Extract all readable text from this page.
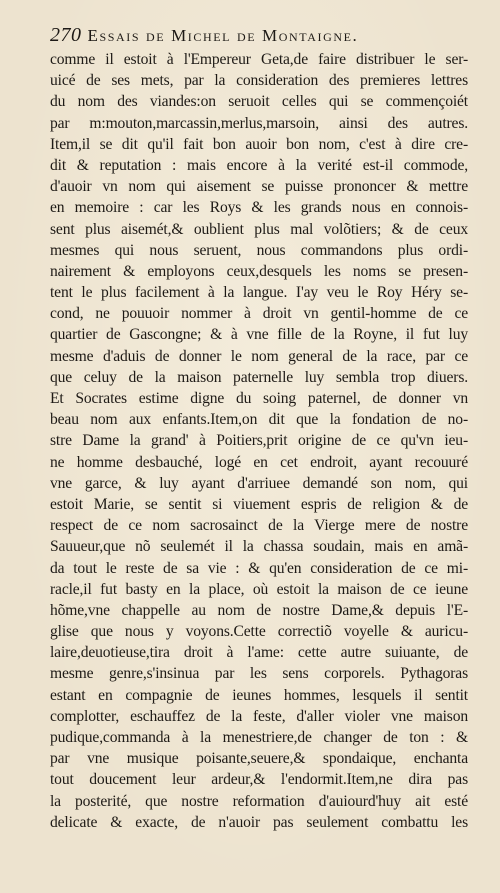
270 Essais de Michel de Montaigne.
comme il estoit à l'Empereur Geta,de faire distribuer le ser-
uicé de ses mets, par la consideration des premieres lettres
du nom des viandes:on seruoit celles qui se commençoiét
par m:mouton,marcassin,merlus,marsoin, ainsi des autres.
Item,il se dit qu'il fait bon auoir bon nom, c'est à dire cre-
dit & reputation : mais encore à la verité est-il commode,
d'auoir vn nom qui aisement se puisse prononcer & mettre
en memoire : car les Roys & les grands nous en connois-
sent plus aisemét,& oublient plus mal volõtiers; & de ceux
mesmes qui nous seruent, nous commandons plus ordi-
nairement & employons ceux,desquels les noms se presen-
tent le plus facilement à la langue. I'ay veu le Roy Héry se-
cond, ne pouuoir nommer à droit vn gentil-homme de ce
quartier de Gascongne; & à vne fille de la Royne, il fut luy
mesme d'aduis de donner le nom general de la race, par ce
que celuy de la maison paternelle luy sembla trop diuers.
Et Socrates estime digne du soing paternel, de donner vn
beau nom aux enfants.Item,on dit que la fondation de no-
stre Dame la grand' à Poitiers,prit origine de ce qu'vn ieu-
ne homme desbauché, logé en cet endroit, ayant recouuré
vne garce, & luy ayant d'arriuee demandé son nom, qui
estoit Marie, se sentit si viuement espris de religion & de
respect de ce nom sacrosainct de la Vierge mere de nostre
Sauueur,que nõ seulemét il la chassa soudain, mais en amã-
da tout le reste de sa vie : & qu'en consideration de ce mi-
racle,il fut basty en la place, où estoit la maison de ce ieune
hõme,vne chappelle au nom de nostre Dame,& depuis l'E-
glise que nous y voyons.Cette correctiõ voyelle & auricu-
laire,deuotieuse,tira droit à l'ame: cette autre suiuante, de
mesme genre,s'insinua par les sens corporels. Pythagoras
estant en compagnie de ieunes hommes, lesquels il sentit
complotter, eschauffez de la feste, d'aller violer vne maison
pudique,commanda à la menestriere,de changer de ton : &
par vne musique poisante,seuere,& spondaique, enchanta
tout doucement leur ardeur,& l'endormit.Item,ne dira pas
la posterité, que nostre reformation d'auiourd'huy ait esté
delicate & exacte, de n'auoir pas seulement combattu les
